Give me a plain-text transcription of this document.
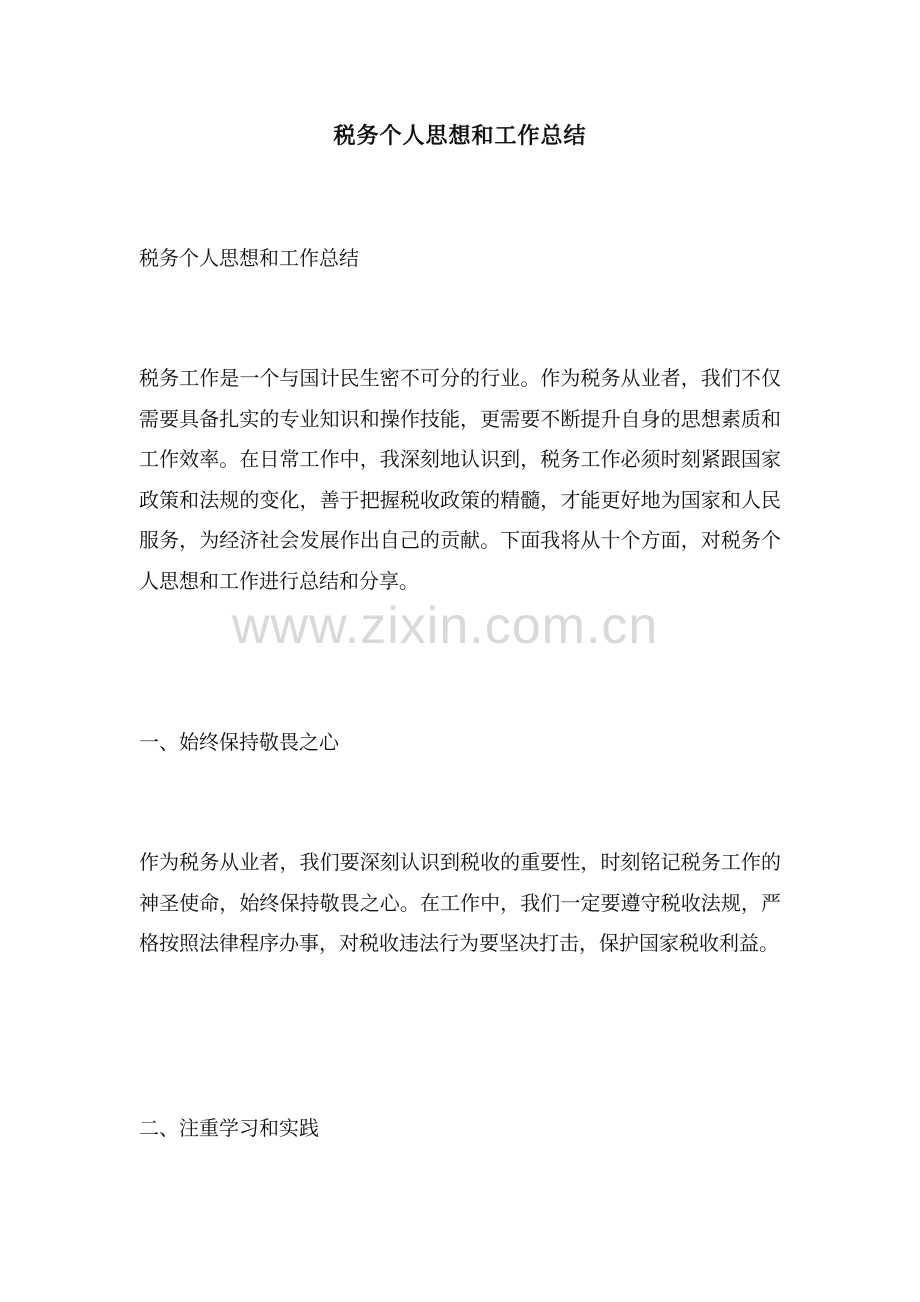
www.zixin.com.cn
税务个人思想和工作总结
税务个人思想和工作总结
税务工作是一个与国计民生密不可分的行业。作为税务从业者，我们不仅需要具备扎实的专业知识和操作技能，更需要不断提升自身的思想素质和工作效率。在日常工作中，我深刻地认识到，税务工作必须时刻紧跟国家政策和法规的变化，善于把握税收政策的精髓，才能更好地为国家和人民服务，为经济社会发展作出自己的贡献。下面我将从十个方面，对税务个人思想和工作进行总结和分享。
一、始终保持敬畏之心
作为税务从业者，我们要深刻认识到税收的重要性，时刻铭记税务工作的神圣使命，始终保持敬畏之心。在工作中，我们一定要遵守税收法规，严格按照法律程序办事，对税收违法行为要坚决打击，保护国家税收利益。
二、注重学习和实践
